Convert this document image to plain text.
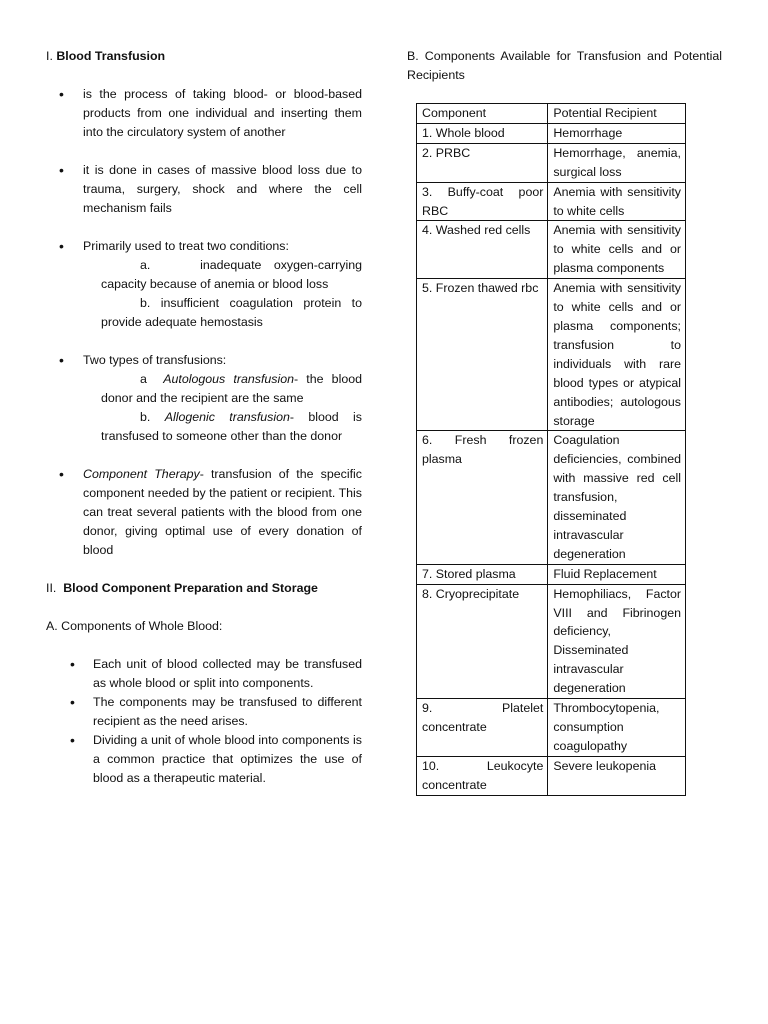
I. Blood Transfusion
• is the process of taking blood- or blood-based products from one individual and inserting them into the circulatory system of another
• it is done in cases of massive blood loss due to trauma, surgery, shock and where the cell mechanism fails
• Primarily used to treat two conditions:
a.    inadequate oxygen-carrying capacity because of anemia or blood loss
b. insufficient coagulation protein to provide adequate hemostasis
• Two types of transfusions:
a Autologous transfusion- the blood donor and the recipient are the same
b. Allogenic transfusion- blood is transfused to someone other than the donor
• Component Therapy- transfusion of the specific component needed by the patient or recipient. This can treat several patients with the blood from one donor, giving optimal use of every donation of blood
II. Blood Component Preparation and Storage
A. Components of Whole Blood:
• Each unit of blood collected may be transfused as whole blood or split into components.
• The components may be transfused to different recipient as the need arises.
• Dividing a unit of whole blood into components is a common practice that optimizes the use of blood as a therapeutic material.
B. Components Available for Transfusion and Potential Recipients
Component	Potential Recipient
1. Whole blood	Hemorrhage
2. PRBC	Hemorrhage, anemia, surgical loss
3. Buffy-coat poor RBC	Anemia with sensitivity to white cells
4. Washed red cells	Anemia with sensitivity to white cells and or plasma components
5. Frozen thawed rbc	Anemia with sensitivity to white cells and or plasma components; transfusion to individuals with rare blood types or atypical antibodies; autologous storage
6. Fresh frozen plasma	Coagulation deficiencies, combined with massive red cell transfusion, disseminated intravascular degeneration
7. Stored plasma	Fluid Replacement
8. Cryoprecipitate	Hemophiliacs, Factor VIII and Fibrinogen deficiency, Disseminated intravascular degeneration
9. Platelet concentrate	Thrombocytopenia, consumption coagulopathy
10. Leukocyte concentrate	Severe leukopenia
